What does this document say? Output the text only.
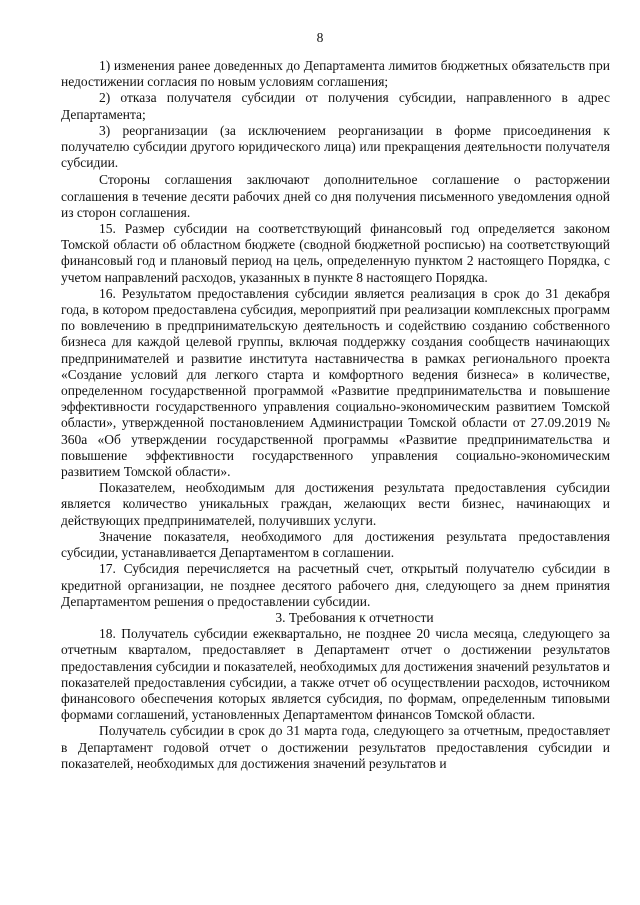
8

1) изменения ранее доведенных до Департамента лимитов бюджетных обязательств при недостижении согласия по новым условиям соглашения;

2) отказа получателя субсидии от получения субсидии, направленного в адрес Департамента;

3) реорганизации (за исключением реорганизации в форме присоединения к получателю субсидии другого юридического лица) или прекращения деятельности получателя субсидии.

Стороны соглашения заключают дополнительное соглашение о расторжении соглашения в течение десяти рабочих дней со дня получения письменного уведомления одной из сторон соглашения.

15. Размер субсидии на соответствующий финансовый год определяется законом Томской области об областном бюджете (сводной бюджетной росписью) на соответствующий финансовый год и плановый период на цель, определенную пунктом 2 настоящего Порядка, с учетом направлений расходов, указанных в пункте 8 настоящего Порядка.

16. Результатом предоставления субсидии является реализация в срок до 31 декабря года, в котором предоставлена субсидия, мероприятий при реализации комплексных программ по вовлечению в предпринимательскую деятельность и содействию созданию собственного бизнеса для каждой целевой группы, включая поддержку создания сообществ начинающих предпринимателей и развитие института наставничества в рамках регионального проекта «Создание условий для легкого старта и комфортного ведения бизнеса» в количестве, определенном государственной программой «Развитие предпринимательства и повышение эффективности государственного управления социально-экономическим развитием Томской области», утвержденной постановлением Администрации Томской области от 27.09.2019 № 360а «Об утверждении государственной программы «Развитие предпринимательства и повышение эффективности государственного управления социально-экономическим развитием Томской области».

Показателем, необходимым для достижения результата предоставления субсидии является количество уникальных граждан, желающих вести бизнес, начинающих и действующих предпринимателей, получивших услуги.

Значение показателя, необходимого для достижения результата предоставления субсидии, устанавливается Департаментом в соглашении.

17. Субсидия перечисляется на расчетный счет, открытый получателю субсидии в кредитной организации, не позднее десятого рабочего дня, следующего за днем принятия Департаментом решения о предоставлении субсидии.

3. Требования к отчетности

18. Получатель субсидии ежеквартально, не позднее 20 числа месяца, следующего за отчетным кварталом, предоставляет в Департамент отчет о достижении результатов предоставления субсидии и показателей, необходимых для достижения значений результатов и показателей предоставления субсидии, а также отчет об осуществлении расходов, источником финансового обеспечения которых является субсидия, по формам, определенным типовыми формами соглашений, установленных Департаментом финансов Томской области.

Получатель субсидии в срок до 31 марта года, следующего за отчетным, предоставляет в Департамент годовой отчет о достижении результатов предоставления субсидии и показателей, необходимых для достижения значений результатов и
